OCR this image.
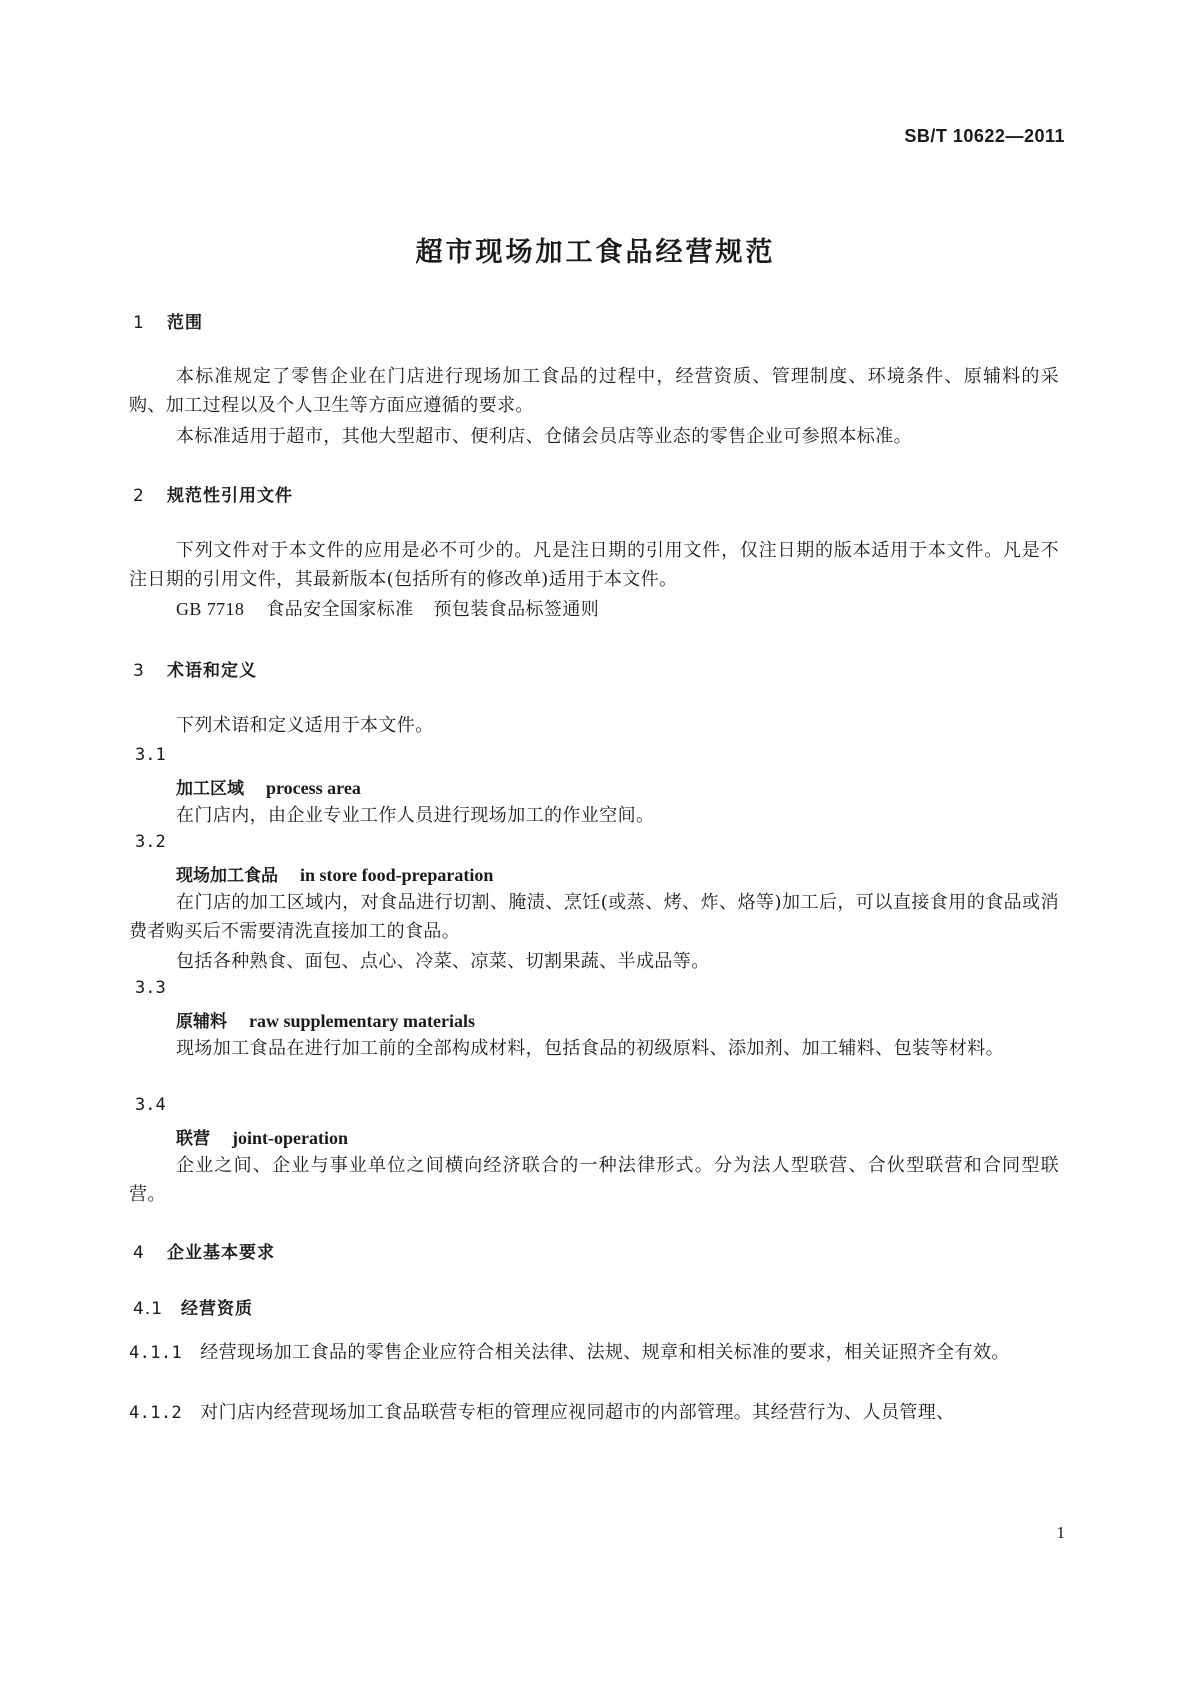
SB/T 10622—2011
超市现场加工食品经营规范
1 范围
本标准规定了零售企业在门店进行现场加工食品的过程中，经营资质、管理制度、环境条件、原辅料的采购、加工过程以及个人卫生等方面应遵循的要求。
本标准适用于超市，其他大型超市、便利店、仓储会员店等业态的零售企业可参照本标准。
2 规范性引用文件
下列文件对于本文件的应用是必不可少的。凡是注日期的引用文件，仅注日期的版本适用于本文件。凡是不注日期的引用文件，其最新版本(包括所有的修改单)适用于本文件。
GB 7718 食品安全国家标准 预包装食品标签通则
3 术语和定义
下列术语和定义适用于本文件。
3.1
加工区域 process area
在门店内，由企业专业工作人员进行现场加工的作业空间。
3.2
现场加工食品 in store food-preparation
在门店的加工区域内，对食品进行切割、腌渍、烹饪(或蒸、烤、炸、烙等)加工后，可以直接食用的食品或消费者购买后不需要清洗直接加工的食品。
包括各种熟食、面包、点心、冷菜、凉菜、切割果蔬、半成品等。
3.3
原辅料 raw supplementary materials
现场加工食品在进行加工前的全部构成材料，包括食品的初级原料、添加剂、加工辅料、包装等材料。
3.4
联营 joint-operation
企业之间、企业与事业单位之间横向经济联合的一种法律形式。分为法人型联营、合伙型联营和合同型联营。
4 企业基本要求
4.1 经营资质
4.1.1 经营现场加工食品的零售企业应符合相关法律、法规、规章和相关标准的要求，相关证照齐全有效。
4.1.2 对门店内经营现场加工食品联营专柜的管理应视同超市的内部管理。其经营行为、人员管理、
1
